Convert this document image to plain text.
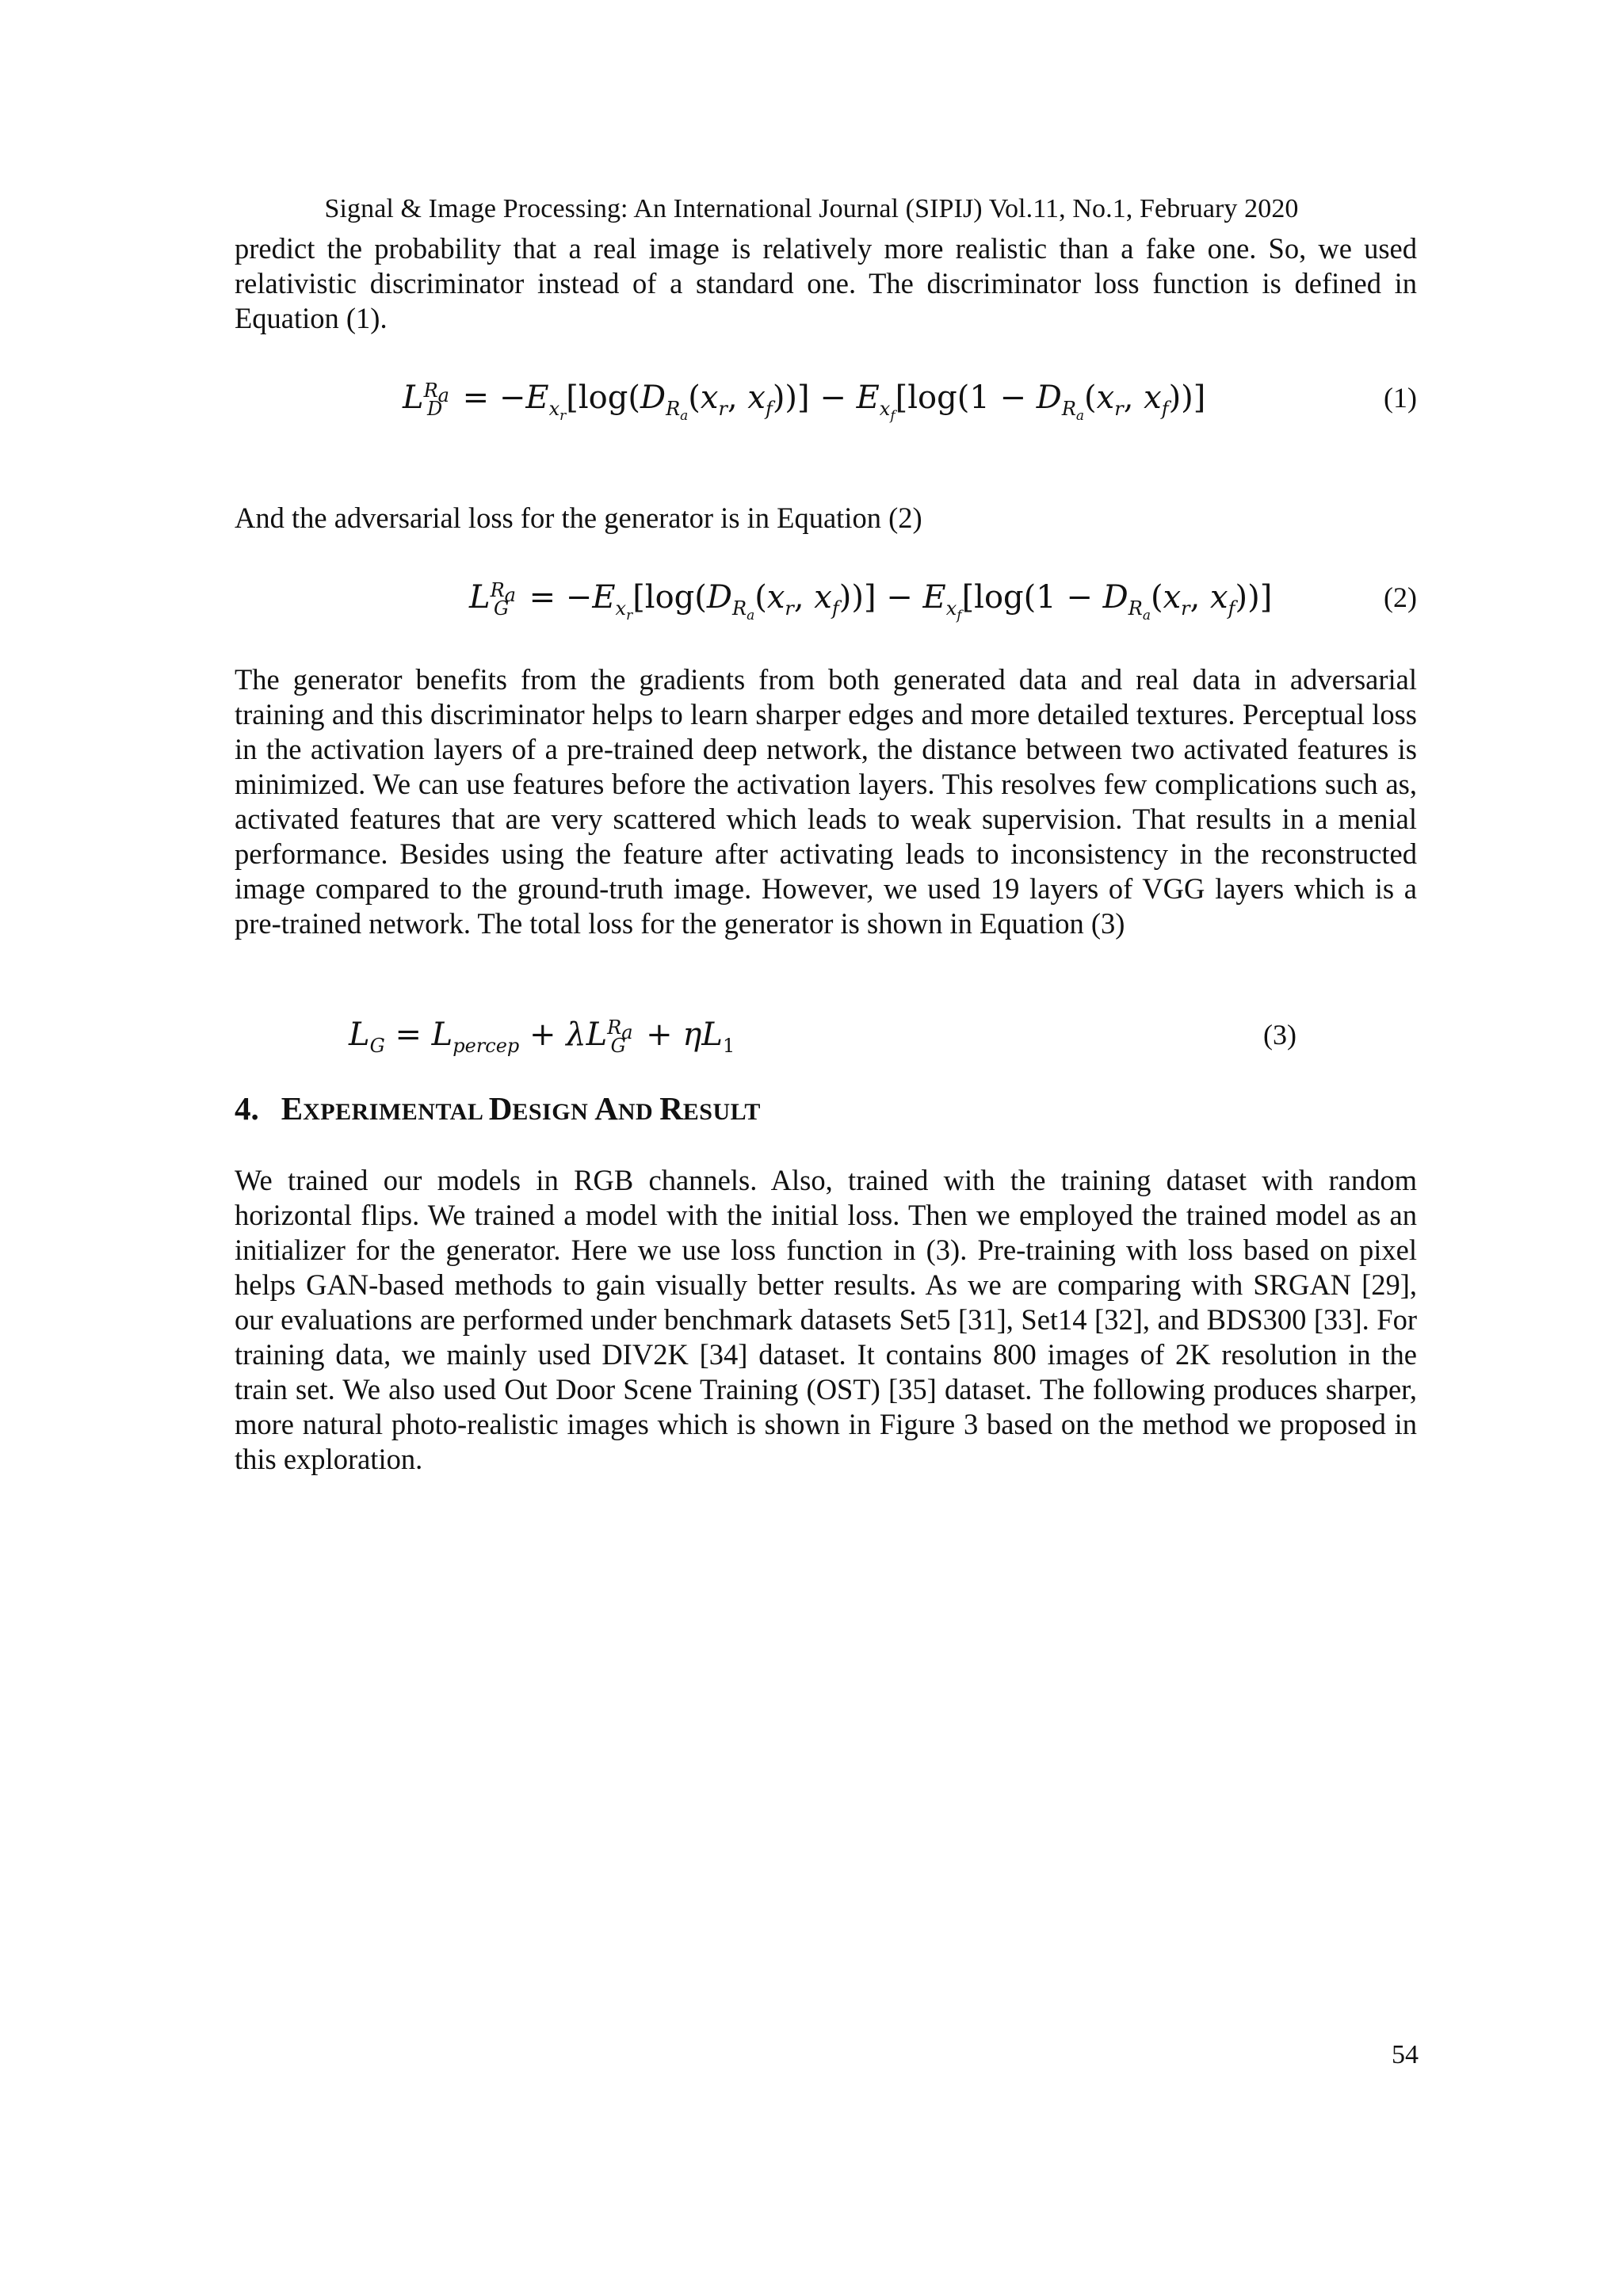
Signal & Image Processing: An International Journal (SIPIJ) Vol.11, No.1, February 2020

predict the probability that a real image is relatively more realistic than a fake one. So, we used relativistic discriminator instead of a standard one. The discriminator loss function is defined in Equation (1).

$L^{R_a}_D = -E_{x_r}[\log(D_{R_a}(x_r$, $x_f))] - E_{x_f}[\log(1 - D_{R_a}(x_r$, $x_f$))]	(1)

And the adversarial loss for the generator is in Equation (2)

$L^{R_a}_G = -E_{x_r}[\log(D_{R_a}(x_r$, $x_f))] - E_{x_f}[\log(1 - D_{R_a}(x_r$, $x_f$))]	(2)

The generator benefits from the gradients from both generated data and real data in adversarial training and this discriminator helps to learn sharper edges and more detailed textures. Perceptual loss in the activation layers of a pre-trained deep network, the distance between two activated features is minimized. We can use features before the activation layers. This resolves few complications such as, activated features that are very scattered which leads to weak supervision. That results in a menial performance. Besides using the feature after activating leads to inconsistency in the reconstructed image compared to the ground-truth image. However, we used 19 layers of VGG layers which is a pre-trained network. The total loss for the generator is shown in Equation (3)

$L_G = L_{percep} + \lambda L^{R_a}_G + \eta L_1$	(3)
4. EXPERIMENTAL DESIGN AND RESULT

We trained our models in RGB channels. Also, trained with the training dataset with random horizontal flips. We trained a model with the initial loss. Then we employed the trained model as an initializer for the generator. Here we use loss function in (3). Pre-training with loss based on pixel helps GAN-based methods to gain visually better results. As we are comparing with SRGAN [29], our evaluations are performed under benchmark datasets Set5 [31], Set14 [32], and BDS300 [33]. For training data, we mainly used DIV2K [34] dataset. It contains 800 images of 2K resolution in the train set. We also used Out Door Scene Training (OST) [35] dataset. The following produces sharper, more natural photo-realistic images which is shown in Figure 3 based on the method we proposed in this exploration.

54
